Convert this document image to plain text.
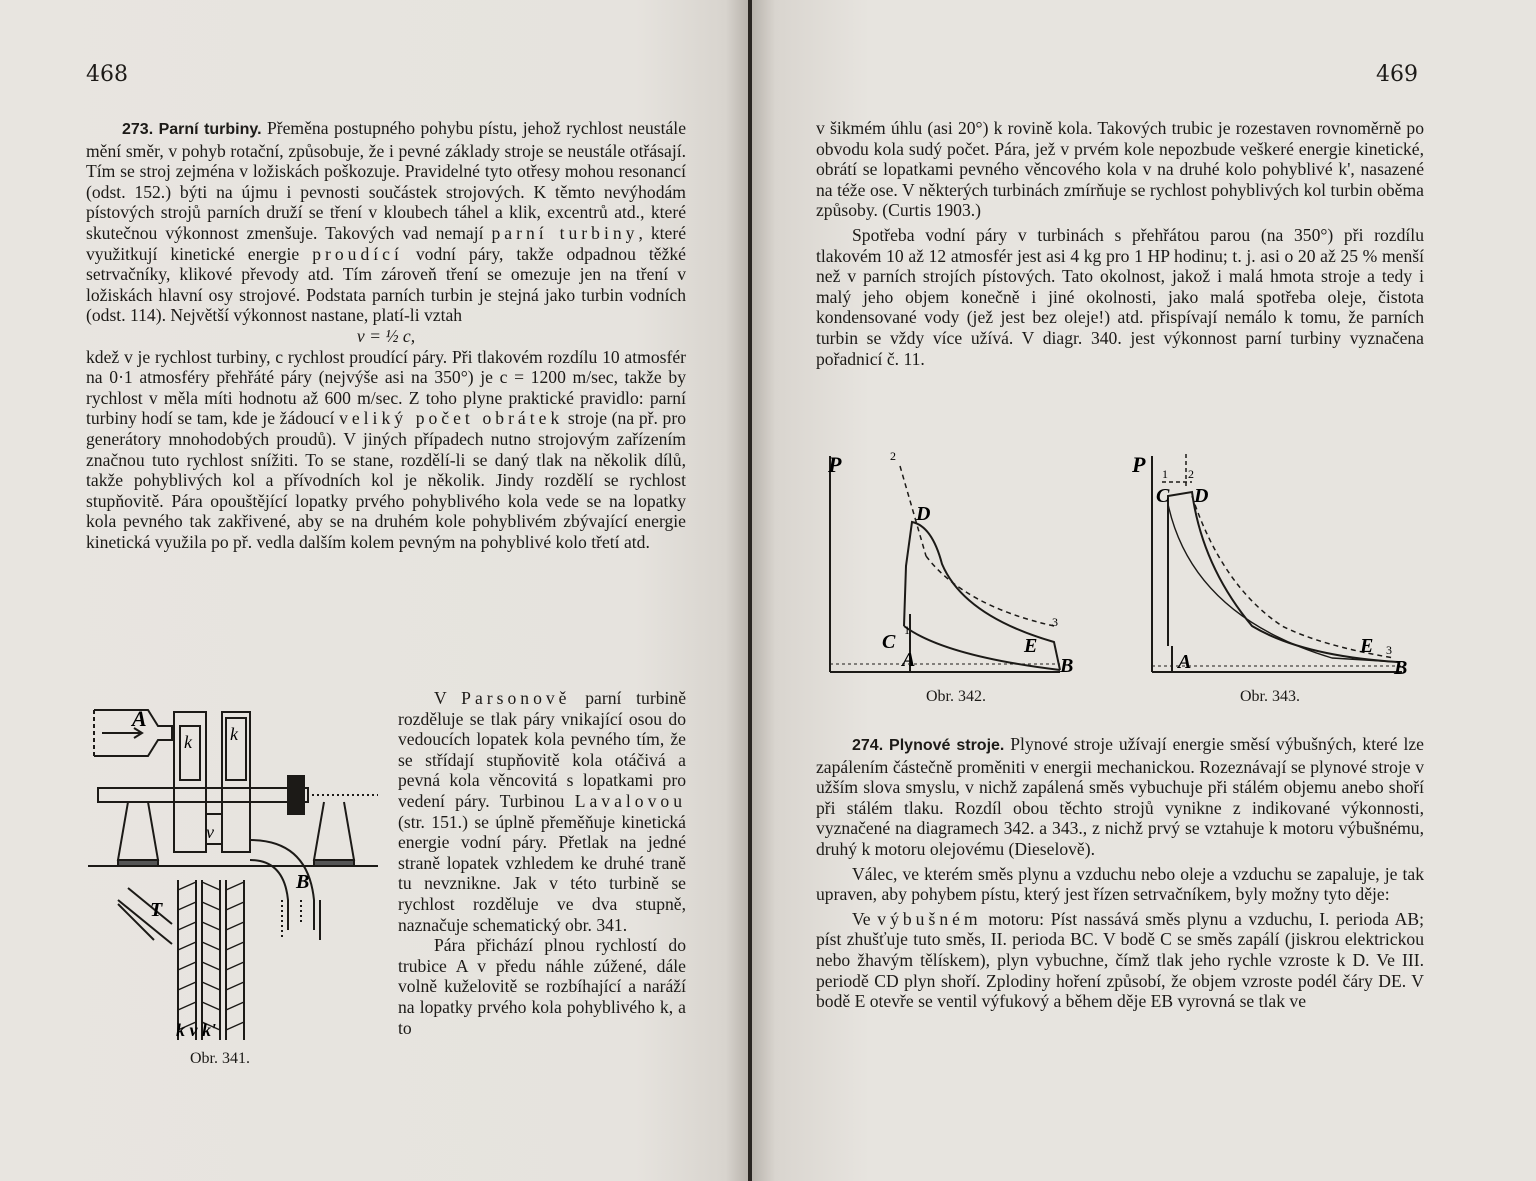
468

273. Parní turbiny. Přeměna postupného pohybu pístu, jehož rychlost neustále mění směr, v pohyb rotační, způsobuje, že i pevné základy stroje se neustále otřásají. Tím se stroj zejména v ložiskách poškozuje. Pravidelné tyto otřesy mohou resonancí (odst. 152.) býti na újmu i pevnosti součástek strojových. K těmto nevýhodám pístových strojů parních druží se tření v kloubech táhel a klik, excentrů atd., které skutečnou výkonnost zmenšuje. Takových vad nemají parní turbiny, které využitkují kinetické energie proudící vodní páry, takže odpadnou těžké setrvačníky, klikové převody atd. Tím zároveň tření se omezuje jen na tření v ložiskách hlavní osy strojové. Podstata parních turbin je stejná jako turbin vodních (odst. 114). Největší výkonnost nastane, platí-li vztah

v = ½ c,

kdež v je rychlost turbiny, c rychlost proudící páry. Při tlakovém rozdílu 10 atmosfér na 0·1 atmosféry přehřáté páry (nejvýše asi na 350°) je c = 1200 m/sec, takže by rychlost v měla míti hodnotu až 600 m/sec. Z toho plyne praktické pravidlo: parní turbiny hodí se tam, kde je žádoucí veliký počet obrátek stroje (na př. pro generátory mnohodobých proudů). V jiných případech nutno strojovým zařízením značnou tuto rychlost snížiti. To se stane, rozdělí-li se daný tlak na několik dílů, takže pohyblivých kol a přívodních kol je několik. Jindy rozdělí se rychlost stupňovitě. Pára opouštějící lopatky prvého pohyblivého kola vede se na lopatky kola pevného tak zakřivené, aby se na druhém kole pohyblivém zbývající energie kinetická využila po př. vedla dalším kolem pevným na pohyblivé kolo třetí atd.

V Parsonově parní turbině rozděluje se tlak páry vnikající osou do vedoucích lopatek kola pevného tím, že se střídají stupňovitě kola otáčivá a pevná kola věncovitá s lopatkami pro vedení páry. Turbinou Lavalovou (str. 151.) se úplně přeměňuje kinetická energie vodní páry. Přetlak na jedné straně lopatek vzhledem ke druhé traně tu nevznikne. Jak v této turbině se rychlost rozděluje ve dva stupně, naznačuje schematický obr. 341.

Pára přichází plnou rychlostí do trubice A v předu náhle zúžené, dále volně kuželovitě se rozbíhající a naráží na lopatky prvého kola pohyblivého k, a to

A
B
T
v
k k
k v k'
Obr. 341.
469

v šikmém úhlu (asi 20°) k rovině kola. Takových trubic je rozestaven rovnoměrně po obvodu kola sudý počet. Pára, jež v prvém kole nepozbude veškeré energie kinetické, obrátí se lopatkami pevného věncového kola v na druhé kolo pohyblivé k', nasazené na téže ose. V některých turbinách zmírňuje se rychlost pohyblivých kol turbin oběma způsoby. (Curtis 1903.)

Spotřeba vodní páry v turbinách s přehřátou parou (na 350°) při rozdílu tlakovém 10 až 12 atmosfér jest asi 4 kg pro 1 HP hodinu; t. j. asi o 20 až 25 % menší než v parních strojích pístových. Tato okolnost, jakož i malá hmota stroje a tedy i malý jeho objem konečně i jiné okolnosti, jako malá spotřeba oleje, čistota kondensované vody (jež jest bez oleje!) atd. přispívají nemálo k tomu, že parních turbin se vždy více užívá. V diagr. 340. jest výkonnost parní turbiny vyznačena pořadnicí č. 11.

P	2
D
C
1
A
E
3
B
Obr. 342.
P 1 2
C D
A
E 3
B
Obr. 343.

274. Plynové stroje. Plynové stroje užívají energie směsí výbušných, které lze zapálením částečně proměniti v energii mechanickou. Rozeznávají se plynové stroje v užším slova smyslu, v nichž zapálená směs vybuchuje při stálém objemu anebo shoří při stálém tlaku. Rozdíl obou těchto strojů vynikne z indikované výkonnosti, vyznačené na diagramech 342. a 343., z nichž prvý se vztahuje k motoru výbušnému, druhý k motoru olejovému (Dieselově).

Válec, ve kterém směs plynu a vzduchu nebo oleje a vzduchu se zapaluje, je tak upraven, aby pohybem pístu, který jest řízen setrvačníkem, byly možny tyto děje:

Ve výbušném motoru: Píst nassává směs plynu a vzduchu, I. perioda AB; píst zhušťuje tuto směs, II. perioda BC. V bodě C se směs zapálí (jiskrou elektrickou nebo žhavým tělískem), plyn vybuchne, čímž tlak jeho rychle vzroste k D. Ve III. periodě CD plyn shoří. Zplodiny hoření způsobí, že objem vzroste podél čáry DE. V bodě E otevře se ventil výfukový a během děje EB vyrovná se tlak ve
